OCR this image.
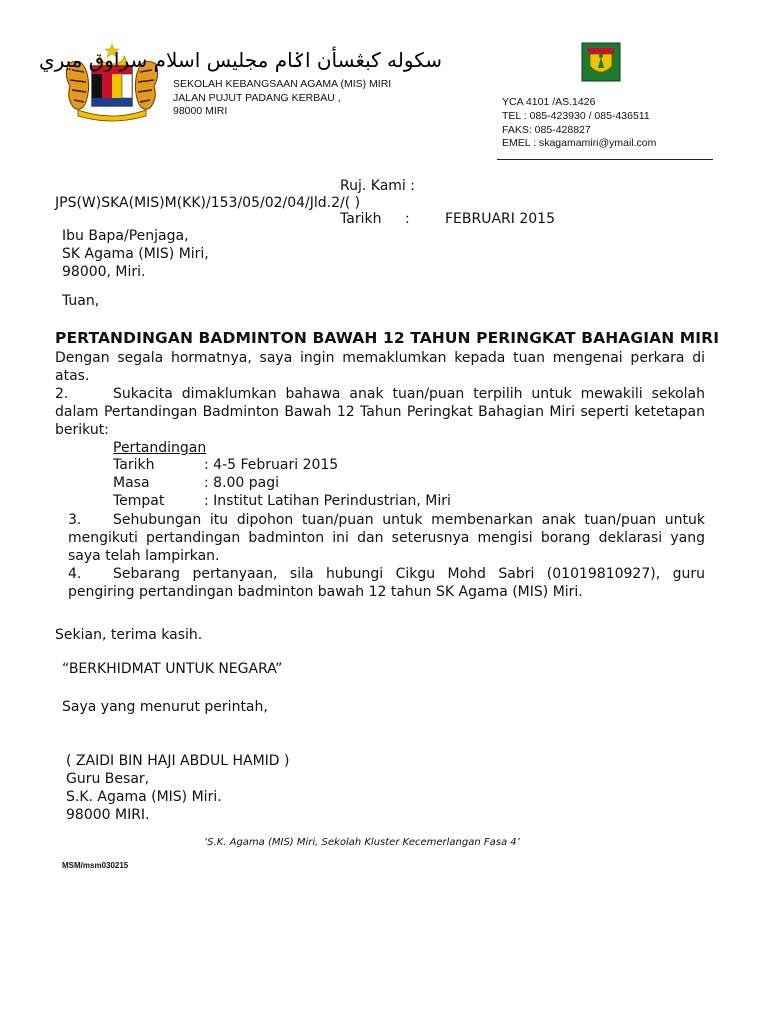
سكوله كبڠسأن اݢام مجليس اسلام سراوق ميري
SEKOLAH KEBANGSAAN AGAMA (MIS) MIRI
JALAN PUJUT PADANG KERBAU ,
98000 MIRI
YCA 4101 /AS.1426
TEL : 085-423930 / 085-436511
FAKS: 085-428827
EMEL : skagamamiri@ymail.com
Ruj. Kami :
JPS(W)SKA(MIS)M(KK)/153/05/02/04/Jld.2/( )
Tarikh :	FEBRUARI 2015
Ibu Bapa/Penjaga,
SK Agama (MIS) Miri,
98000, Miri.
Tuan,
PERTANDINGAN BADMINTON BAWAH 12 TAHUN PERINGKAT BAHAGIAN MIRI
Dengan segala hormatnya, saya ingin memaklumkan kepada tuan mengenai perkara di atas.
2.	Sukacita dimaklumkan bahawa anak tuan/puan terpilih untuk mewakili sekolah dalam Pertandingan Badminton Bawah 12 Tahun Peringkat Bahagian Miri seperti ketetapan berikut:
Pertandingan
Tarikh	: 4-5 Februari 2015
Masa	: 8.00 pagi
Tempat	: Institut Latihan Perindustrian, Miri
3. Sehubungan itu dipohon tuan/puan untuk membenarkan anak tuan/puan untuk mengikuti pertandingan badminton ini dan seterusnya mengisi borang deklarasi yang saya telah lampirkan.
4. Sebarang pertanyaan, sila hubungi Cikgu Mohd Sabri (01019810927), guru pengiring pertandingan badminton bawah 12 tahun SK Agama (MIS) Miri.
Sekian, terima kasih.
“BERKHIDMAT UNTUK NEGARA”
Saya yang menurut perintah,
( ZAIDI BIN HAJI ABDUL HAMID )
Guru Besar,
S.K. Agama (MIS) Miri.
98000 MIRI.
‘S.K. Agama (MIS) Miri, Sekolah Kluster Kecemerlangan Fasa 4’
MSM/msm030215
